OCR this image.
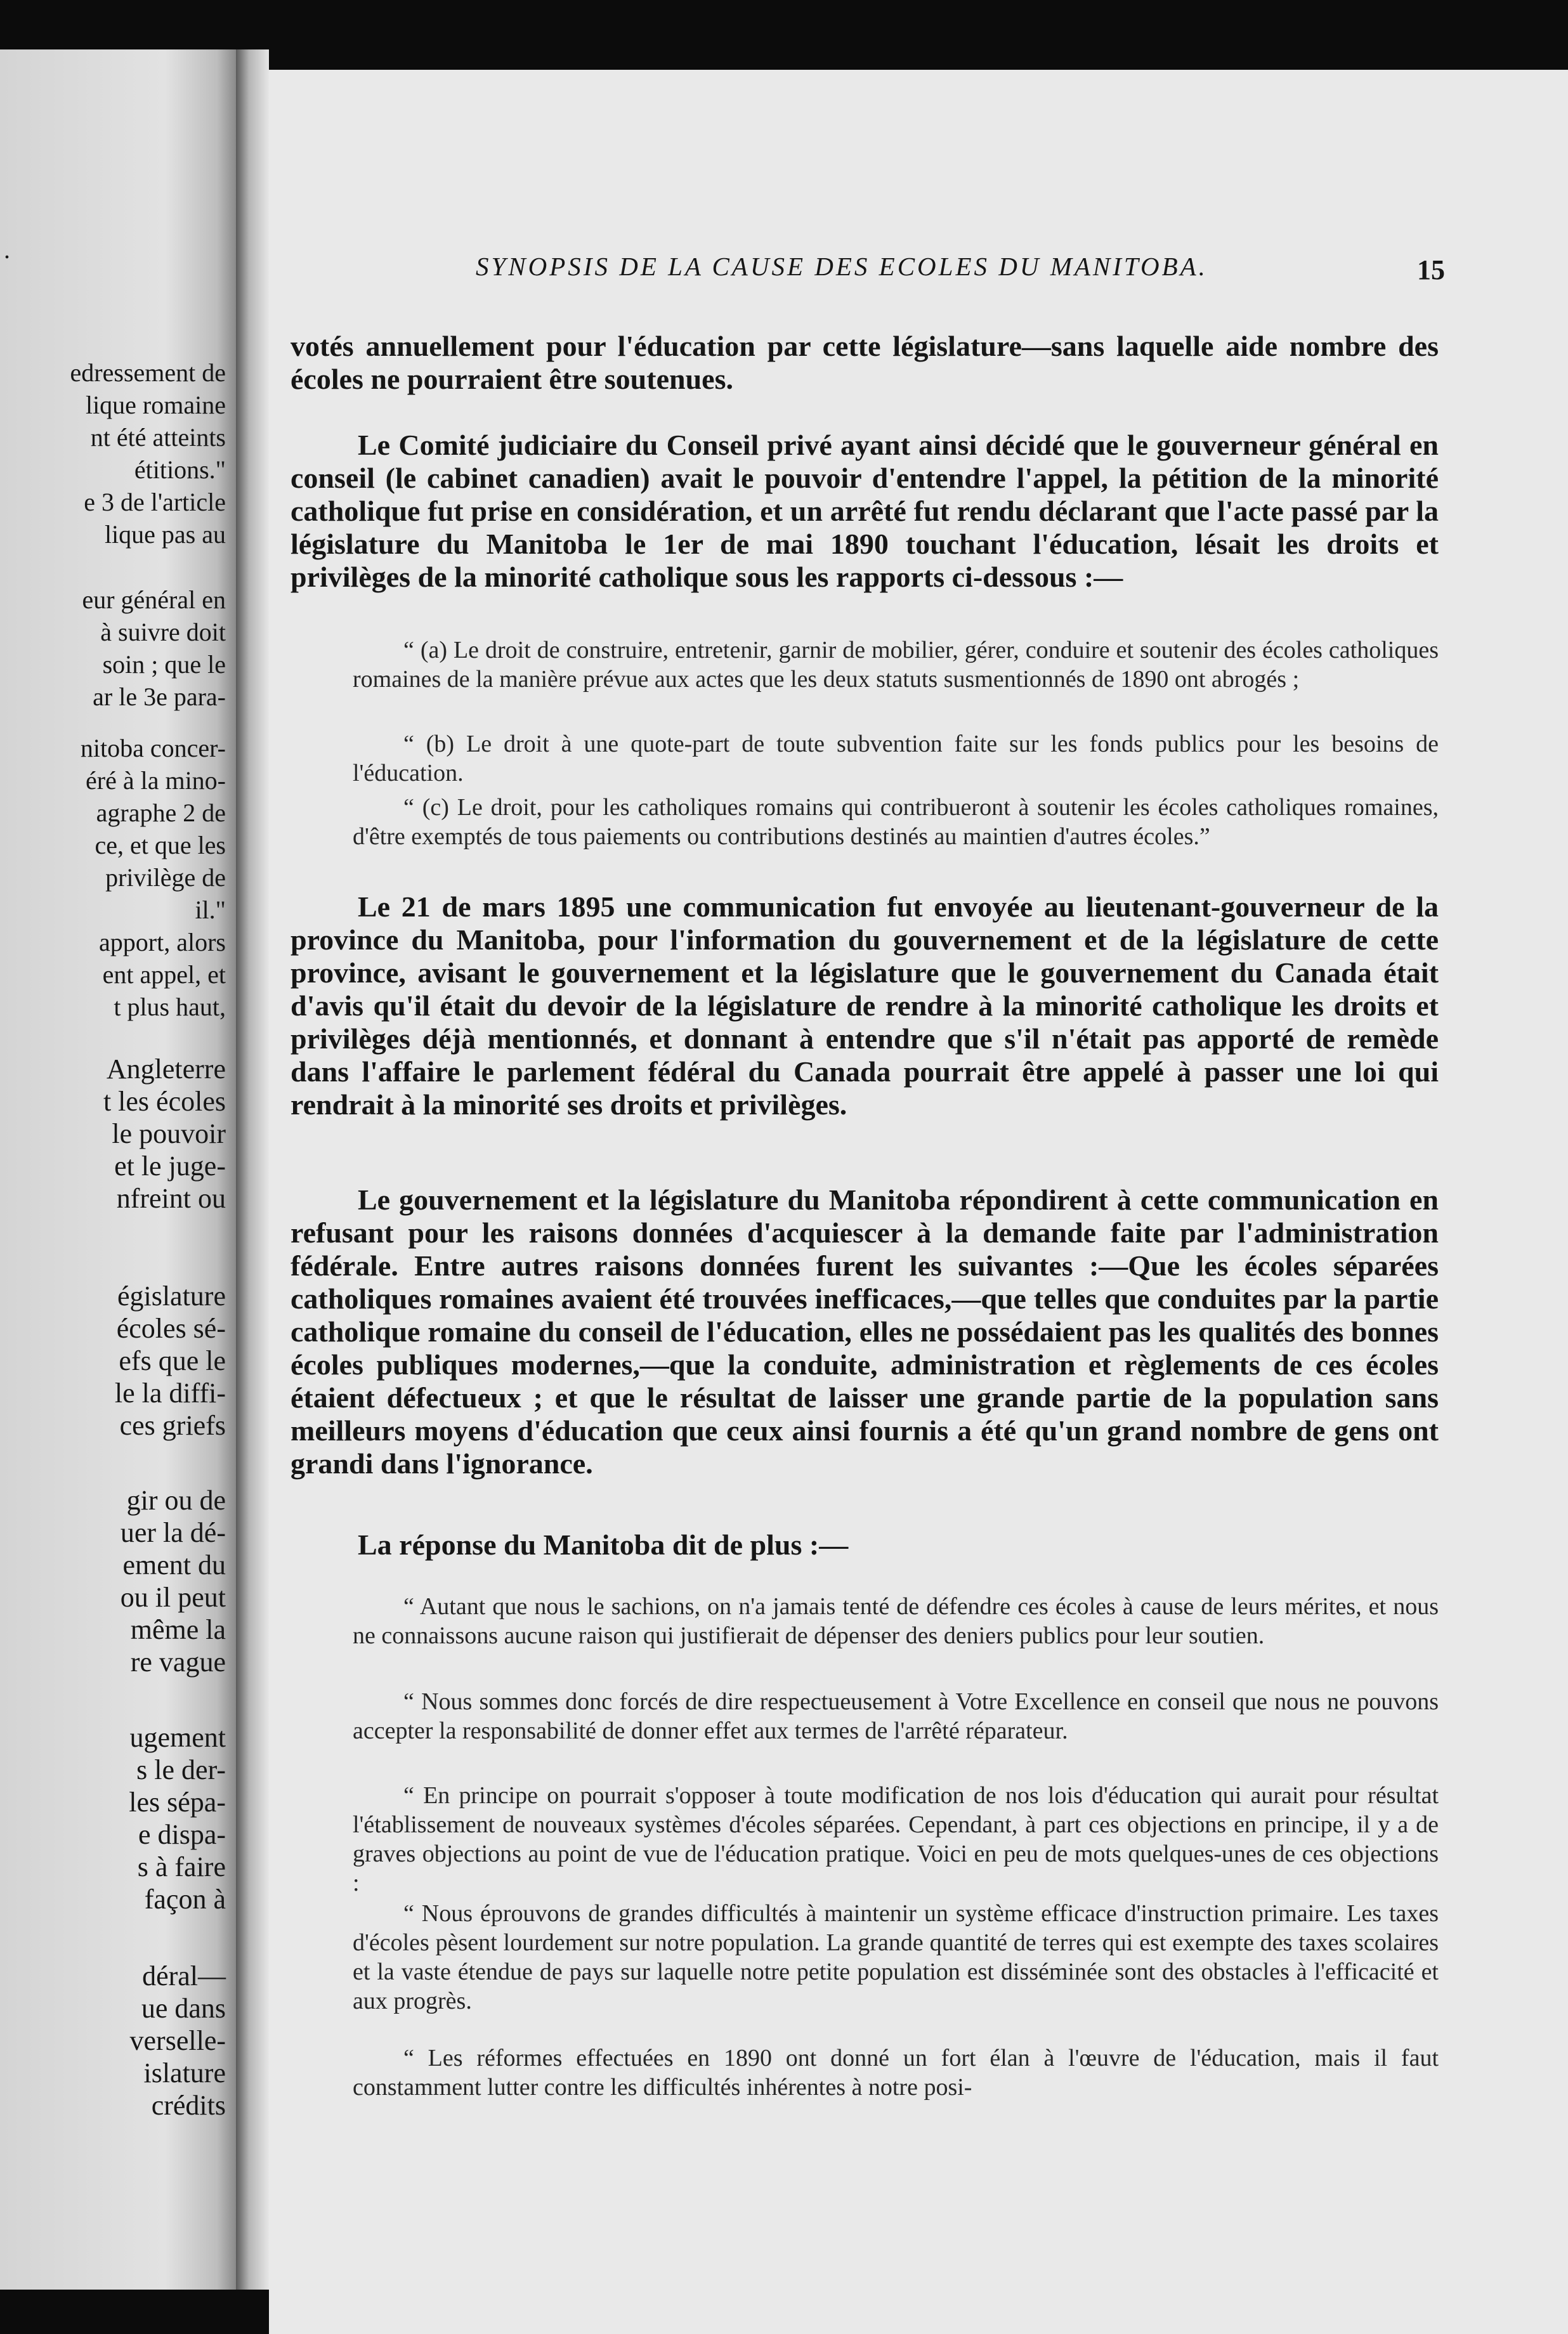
.

edressement de
lique romaine
nt été atteints
étitions."
e 3 de l'article
lique pas au

eur général en
à suivre doit
soin ; que le
ar le 3e para-

nitoba concer-
éré à la mino-
agraphe 2 de
ce, et que les
privilège de
il."
apport, alors
ent appel, et
t plus haut,

Angleterre
t les écoles
le pouvoir
et le juge-
nfreint ou

égislature
écoles sé-
efs que le
le la diffi-
ces griefs

gir ou de
uer la dé-
ement du
ou il peut
même la
re vague

ugement
s le der-
les sépa-
e dispa-
s à faire
façon à

déral—
ue dans
verselle-
islature
crédits

SYNOPSIS DE LA CAUSE DES ECOLES DU MANITOBA.	15

votés annuellement pour l'éducation par cette législature—sans laquelle aide nombre des écoles ne pourraient être soutenues.

Le Comité judiciaire du Conseil privé ayant ainsi décidé que le gouverneur général en conseil (le cabinet canadien) avait le pouvoir d'entendre l'appel, la pétition de la minorité catholique fut prise en considération, et un arrêté fut rendu déclarant que l'acte passé par la législature du Manitoba le 1er de mai 1890 touchant l'éducation, lésait les droits et privilèges de la minorité catholique sous les rapports ci-dessous :—

“ (a) Le droit de construire, entretenir, garnir de mobilier, gérer, conduire et soutenir des écoles catholiques romaines de la manière prévue aux actes que les deux statuts susmentionnés de 1890 ont abrogés ;

“ (b) Le droit à une quote-part de toute subvention faite sur les fonds publics pour les besoins de l'éducation.

“ (c) Le droit, pour les catholiques romains qui contribueront à soutenir les écoles catholiques romaines, d'être exemptés de tous paiements ou contributions destinés au maintien d'autres écoles.”

Le 21 de mars 1895 une communication fut envoyée au lieutenant-gouverneur de la province du Manitoba, pour l'information du gouvernement et de la législature de cette province, avisant le gouvernement et la législature que le gouvernement du Canada était d'avis qu'il était du devoir de la législature de rendre à la minorité catholique les droits et privilèges déjà mentionnés, et donnant à entendre que s'il n'était pas apporté de remède dans l'affaire le parlement fédéral du Canada pourrait être appelé à passer une loi qui rendrait à la minorité ses droits et privilèges.

Le gouvernement et la législature du Manitoba répondirent à cette communication en refusant pour les raisons données d'acquiescer à la demande faite par l'administration fédérale. Entre autres raisons données furent les suivantes :—Que les écoles séparées catholiques romaines avaient été trouvées inefficaces,—que telles que conduites par la partie catholique romaine du conseil de l'éducation, elles ne possédaient pas les qualités des bonnes écoles publiques modernes,—que la conduite, administration et règlements de ces écoles étaient défectueux ; et que le résultat de laisser une grande partie de la population sans meilleurs moyens d'éducation que ceux ainsi fournis a été qu'un grand nombre de gens ont grandi dans l'ignorance.

La réponse du Manitoba dit de plus :—

“ Autant que nous le sachions, on n'a jamais tenté de défendre ces écoles à cause de leurs mérites, et nous ne connaissons aucune raison qui justifierait de dépenser des deniers publics pour leur soutien.

“ Nous sommes donc forcés de dire respectueusement à Votre Excellence en conseil que nous ne pouvons accepter la responsabilité de donner effet aux termes de l'arrêté réparateur.

“ En principe on pourrait s'opposer à toute modification de nos lois d'éducation qui aurait pour résultat l'établissement de nouveaux systèmes d'écoles séparées. Cependant, à part ces objections en principe, il y a de graves objections au point de vue de l'éducation pratique. Voici en peu de mots quelques-unes de ces objections :

“ Nous éprouvons de grandes difficultés à maintenir un système efficace d'instruction primaire. Les taxes d'écoles pèsent lourdement sur notre population. La grande quantité de terres qui est exempte des taxes scolaires et la vaste étendue de pays sur laquelle notre petite population est disséminée sont des obstacles à l'efficacité et aux progrès.

“ Les réformes effectuées en 1890 ont donné un fort élan à l'œuvre de l'éducation, mais il faut constamment lutter contre les difficultés inhérentes à notre posi-
